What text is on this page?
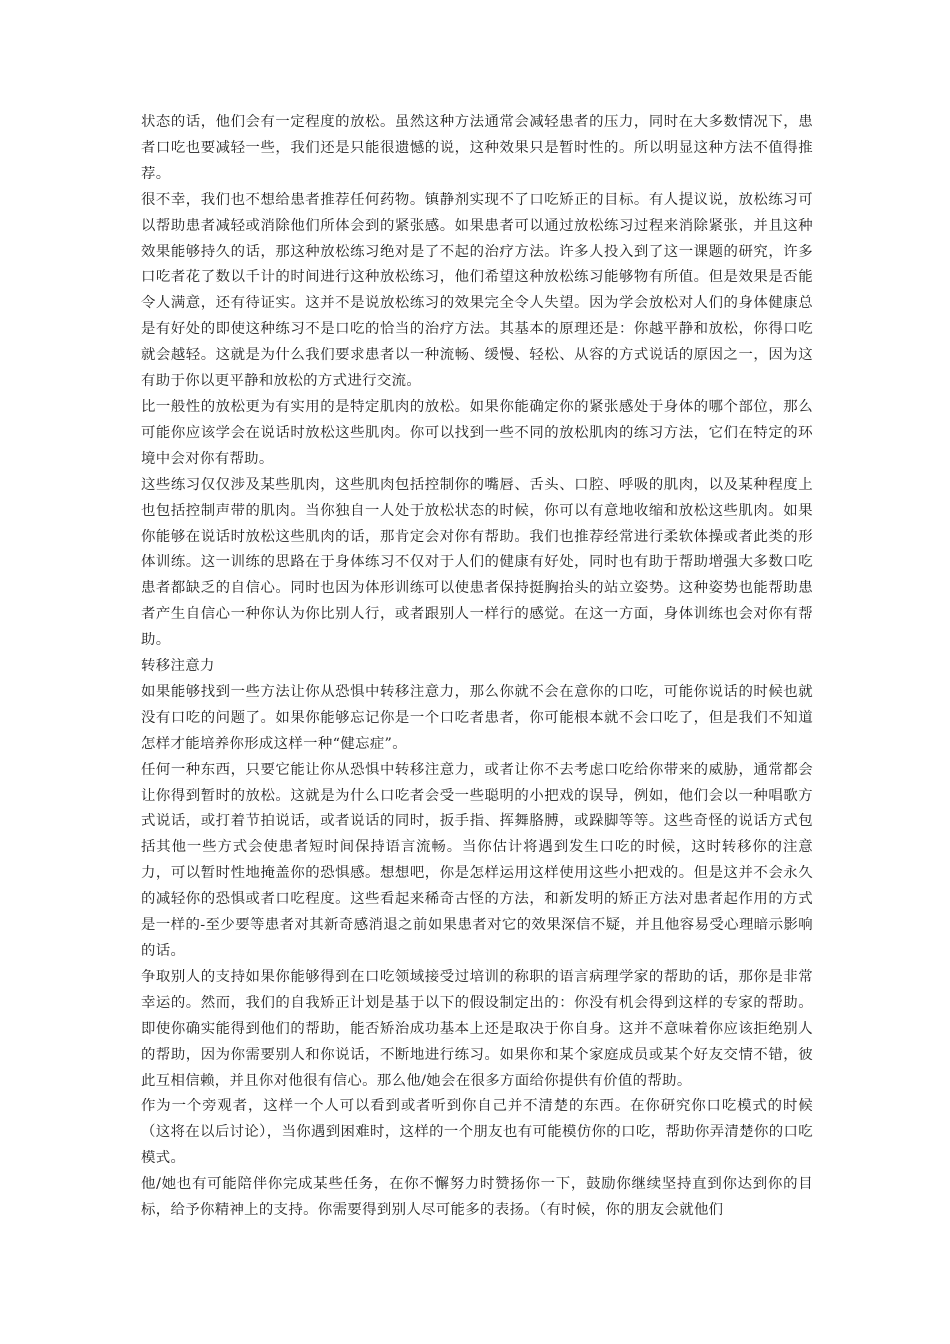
状态的话，他们会有一定程度的放松。虽然这种方法通常会减轻患者的压力，同时在大多数情况下，患者口吃也要减轻一些，我们还是只能很遗憾的说，这种效果只是暂时性的。所以明显这种方法不值得推荐。

很不幸，我们也不想给患者推荐任何药物。镇静剂实现不了口吃矫正的目标。有人提议说，放松练习可以帮助患者减轻或消除他们所体会到的紧张感。如果患者可以通过放松练习过程来消除紧张，并且这种效果能够持久的话，那这种放松练习绝对是了不起的治疗方法。许多人投入到了这一课题的研究，许多口吃者花了数以千计的时间进行这种放松练习，他们希望这种放松练习能够物有所值。但是效果是否能令人满意，还有待证实。这并不是说放松练习的效果完全令人失望。因为学会放松对人们的身体健康总是有好处的即使这种练习不是口吃的恰当的治疗方法。其基本的原理还是：你越平静和放松，你得口吃就会越轻。这就是为什么我们要求患者以一种流畅、缓慢、轻松、从容的方式说话的原因之一，因为这有助于你以更平静和放松的方式进行交流。

比一般性的放松更为有实用的是特定肌肉的放松。如果你能确定你的紧张感处于身体的哪个部位，那么可能你应该学会在说话时放松这些肌肉。你可以找到一些不同的放松肌肉的练习方法，它们在特定的环境中会对你有帮助。

这些练习仅仅涉及某些肌肉，这些肌肉包括控制你的嘴唇、舌头、口腔、呼吸的肌肉，以及某种程度上也包括控制声带的肌肉。当你独自一人处于放松状态的时候，你可以有意地收缩和放松这些肌肉。如果你能够在说话时放松这些肌肉的话，那肯定会对你有帮助。我们也推荐经常进行柔软体操或者此类的形体训练。这一训练的思路在于身体练习不仅对于人们的健康有好处，同时也有助于帮助增强大多数口吃患者都缺乏的自信心。同时也因为体形训练可以使患者保持挺胸抬头的站立姿势。这种姿势也能帮助患者产生自信心一种你认为你比别人行，或者跟别人一样行的感觉。在这一方面，身体训练也会对你有帮助。

转移注意力

如果能够找到一些方法让你从恐惧中转移注意力，那么你就不会在意你的口吃，可能你说话的时候也就没有口吃的问题了。如果你能够忘记你是一个口吃者患者，你可能根本就不会口吃了，但是我们不知道怎样才能培养你形成这样一种“健忘症”。

任何一种东西，只要它能让你从恐惧中转移注意力，或者让你不去考虑口吃给你带来的威胁，通常都会让你得到暂时的放松。这就是为什么口吃者会受一些聪明的小把戏的误导，例如，他们会以一种唱歌方式说话，或打着节拍说话，或者说话的同时，扳手指、挥舞胳膊，或跺脚等等。这些奇怪的说话方式包括其他一些方式会使患者短时间保持语言流畅。当你估计将遇到发生口吃的时候，这时转移你的注意力，可以暂时性地掩盖你的恐惧感。想想吧，你是怎样运用这样使用这些小把戏的。但是这并不会永久的减轻你的恐惧或者口吃程度。这些看起来稀奇古怪的方法，和新发明的矫正方法对患者起作用的方式是一样的-至少要等患者对其新奇感消退之前如果患者对它的效果深信不疑，并且他容易受心理暗示影响的话。

争取别人的支持如果你能够得到在口吃领域接受过培训的称职的语言病理学家的帮助的话，那你是非常幸运的。然而，我们的自我矫正计划是基于以下的假设制定出的：你没有机会得到这样的专家的帮助。即使你确实能得到他们的帮助，能否矫治成功基本上还是取决于你自身。这并不意味着你应该拒绝别人的帮助，因为你需要别人和你说话，不断地进行练习。如果你和某个家庭成员或某个好友交情不错，彼此互相信赖，并且你对他很有信心。那么他/她会在很多方面给你提供有价值的帮助。

作为一个旁观者，这样一个人可以看到或者听到你自己并不清楚的东西。在你研究你口吃模式的时候（这将在以后讨论），当你遇到困难时，这样的一个朋友也有可能模仿你的口吃，帮助你弄清楚你的口吃模式。

他/她也有可能陪伴你完成某些任务，在你不懈努力时赞扬你一下，鼓励你继续坚持直到你达到你的目标，给予你精神上的支持。你需要得到别人尽可能多的表扬。（有时候，你的朋友会就他们
